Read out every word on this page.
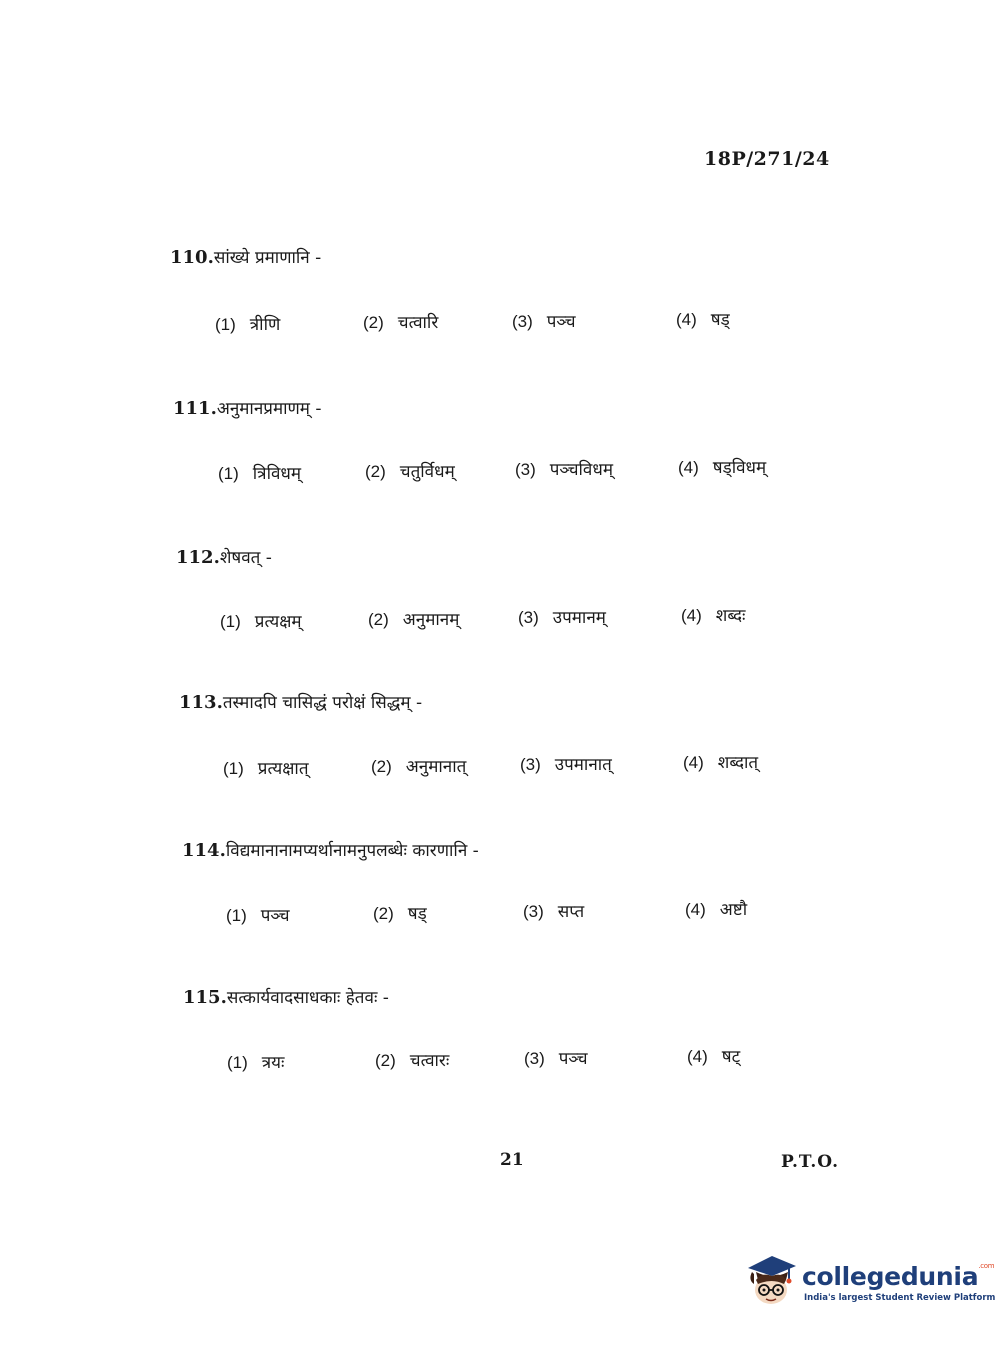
18P/271/24
110.सांख्ये प्रमाणानि -
(1) त्रीणि	(2) चत्वारि	(3) पञ्च	(4) षड्
111.अनुमानप्रमाणम् -
(1) त्रिविधम्	(2) चतुर्विधम्	(3) पञ्चविधम्	(4) षड्विधम्
112.शेषवत् -
(1) प्रत्यक्षम्	(2) अनुमानम्	(3) उपमानम्	(4) शब्दः
113.तस्मादपि चासिद्धं परोक्षं सिद्धम् -
(1) प्रत्यक्षात्	(2) अनुमानात्	(3) उपमानात्	(4) शब्दात्
114.विद्यमानानामप्यर्थानामनुपलब्धेः कारणानि -
(1) पञ्च	(2) षड्	(3) सप्त	(4) अष्टौ
115.सत्कार्यवादसाधकाः हेतवः -
(1) त्रयः	(2) चत्वारः	(3) पञ्च	(4) षट्
21	P.T.O.
collegedunia$^{.com}$
India's largest Student Review Platform
